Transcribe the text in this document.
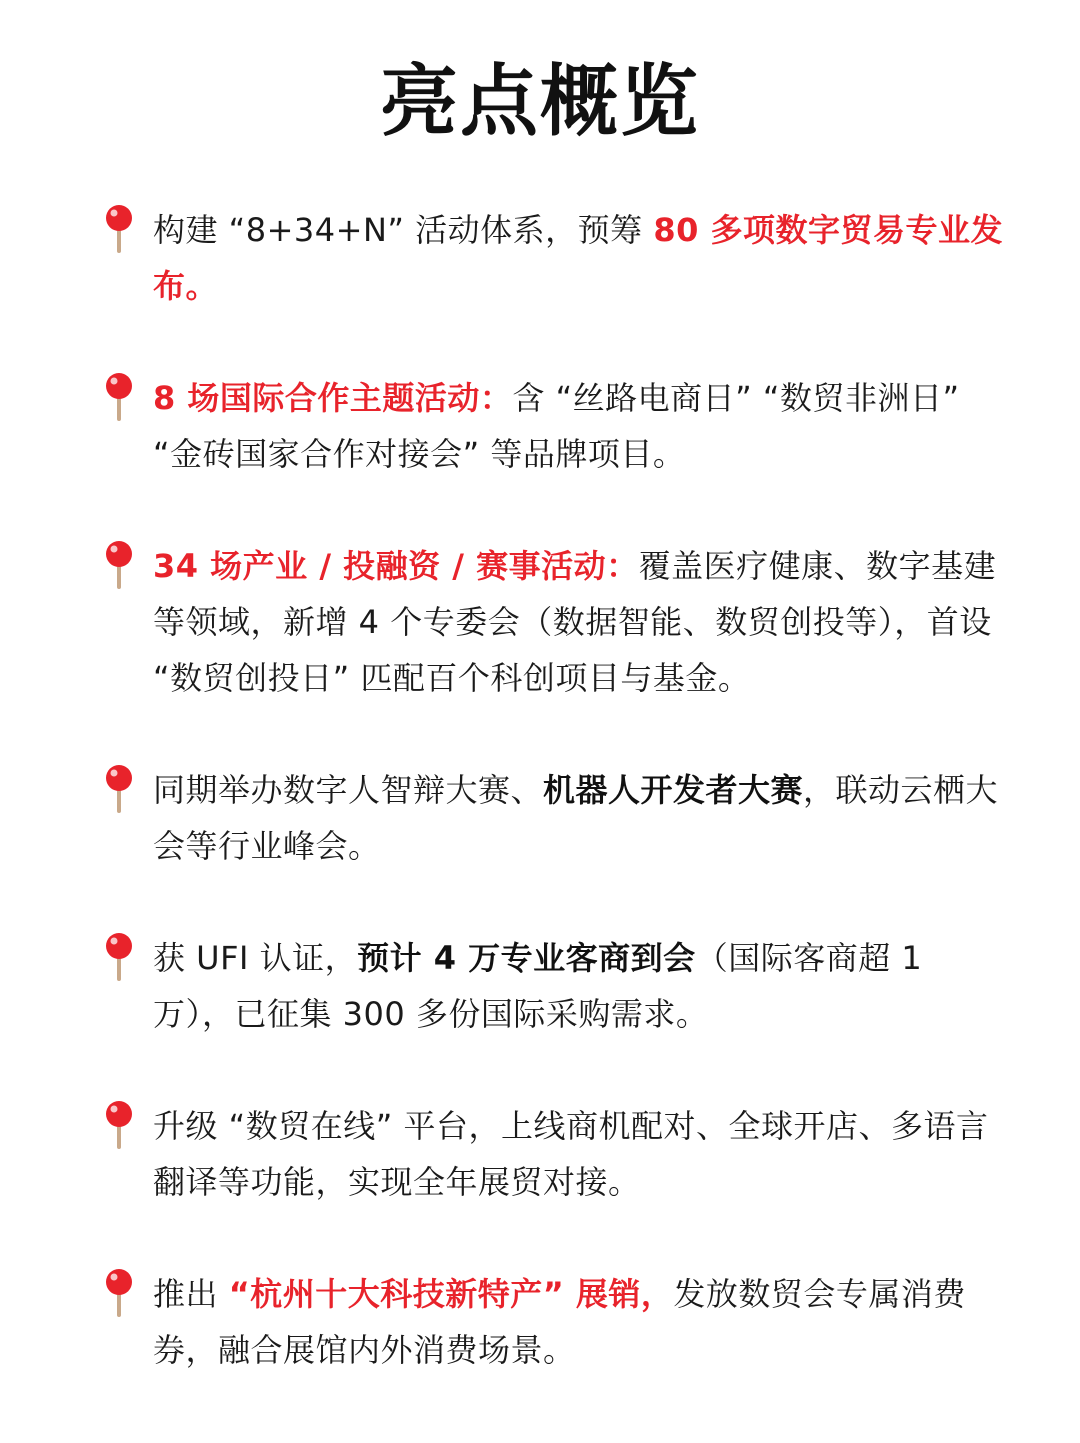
亮点概览
构建 “8+34+N” 活动体系，预筹 80 多项数字贸易专业发布。
8 场国际合作主题活动：含 “丝路电商日” “数贸非洲日” “金砖国家合作对接会” 等品牌项目。
34 场产业 / 投融资 / 赛事活动：覆盖医疗健康、数字基建等领域，新增 4 个专委会（数据智能、数贸创投等），首设 “数贸创投日” 匹配百个科创项目与基金。
同期举办数字人智辩大赛、机器人开发者大赛，联动云栖大会等行业峰会。
获 UFI 认证，预计 4 万专业客商到会（国际客商超 1 万），已征集 300 多份国际采购需求。
升级 “数贸在线” 平台，上线商机配对、全球开店、多语言翻译等功能，实现全年展贸对接。
推出 “杭州十大科技新特产” 展销，发放数贸会专属消费券，融合展馆内外消费场景。
